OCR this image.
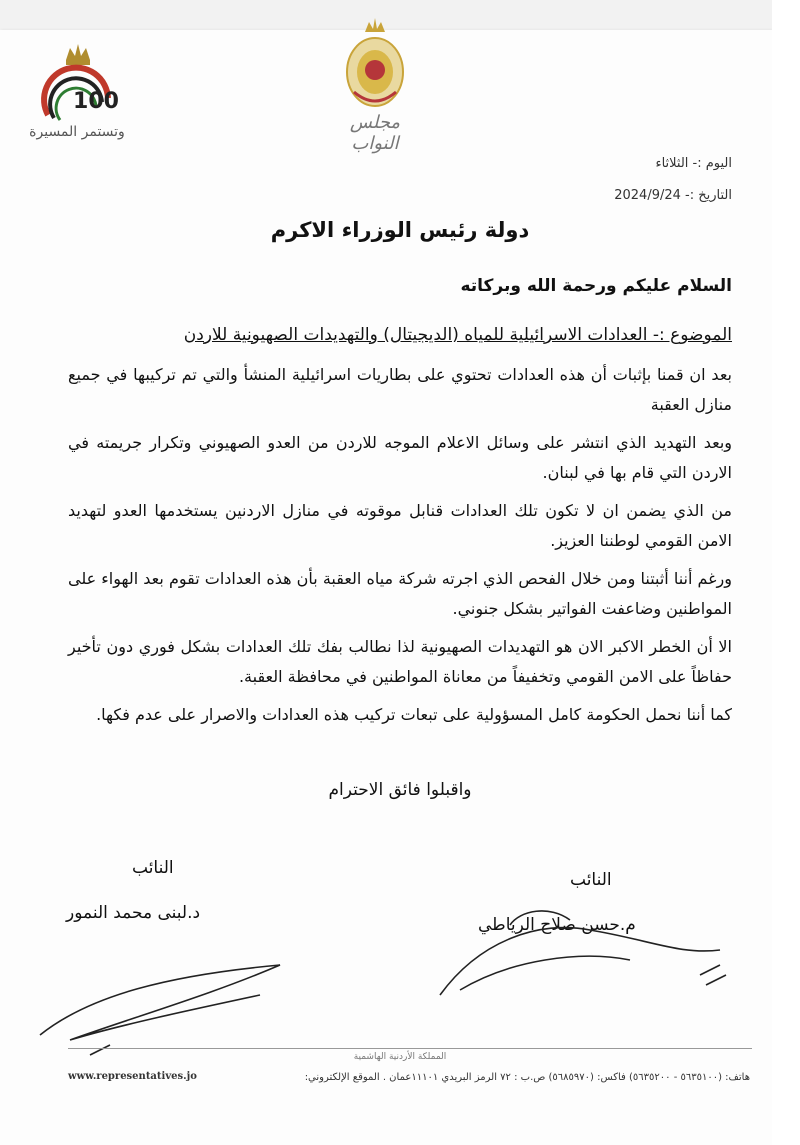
100
وتستمر المسيرة	مجلس النواب
اليوم :- الثلاثاء
التاريخ :- 2024/9/24
دولة رئيس الوزراء الاكرم
السلام عليكم ورحمة الله وبركاته
الموضوع :- العدادات الاسرائيلية للمياه (الديجيتال) والتهديدات الصهيونية للاردن

بعد ان قمنا بإثبات أن هذه العدادات تحتوي على بطاريات اسرائيلية المنشأ والتي تم تركيبها في جميع منازل العقبة

وبعد التهديد الذي انتشر على وسائل الاعلام الموجه للاردن من العدو الصهيوني وتكرار جريمته في الاردن التي قام بها في لبنان.

من الذي يضمن ان لا تكون تلك العدادات قنابل موقوته في منازل الاردنين يستخدمها العدو لتهديد الامن القومي لوطننا العزيز.

ورغم أننا أثبتنا ومن خلال الفحص الذي اجرته شركة مياه العقبة بأن هذه العدادات تقوم بعد الهواء على المواطنين وضاعفت الفواتير بشكل جنوني.

الا أن الخطر الاكبر الان هو التهديدات الصهيونية لذا نطالب بفك تلك العدادات بشكل فوري دون تأخير حفاظاً على الامن القومي وتخفيفاً من معاناة المواطنين في محافظة العقبة.

كما أننا نحمل الحكومة كامل المسؤولية على تبعات تركيب هذه العدادات والاصرار على عدم فكها.

واقبلوا فائق الاحترام
النائب
م.حسن صلاح الرياطي
النائب
د.لبنى محمد النمور
المملكة الأردنية الهاشمية
هاتف: (٥٦٣٥١٠٠ - ٥٦٣٥٢٠٠) فاكس: (٥٦٨٥٩٧٠) ص.ب : ٧٢ الرمز البريدي ١١١٠١عمان . الموقع الإلكتروني:
www.representatives.jo
